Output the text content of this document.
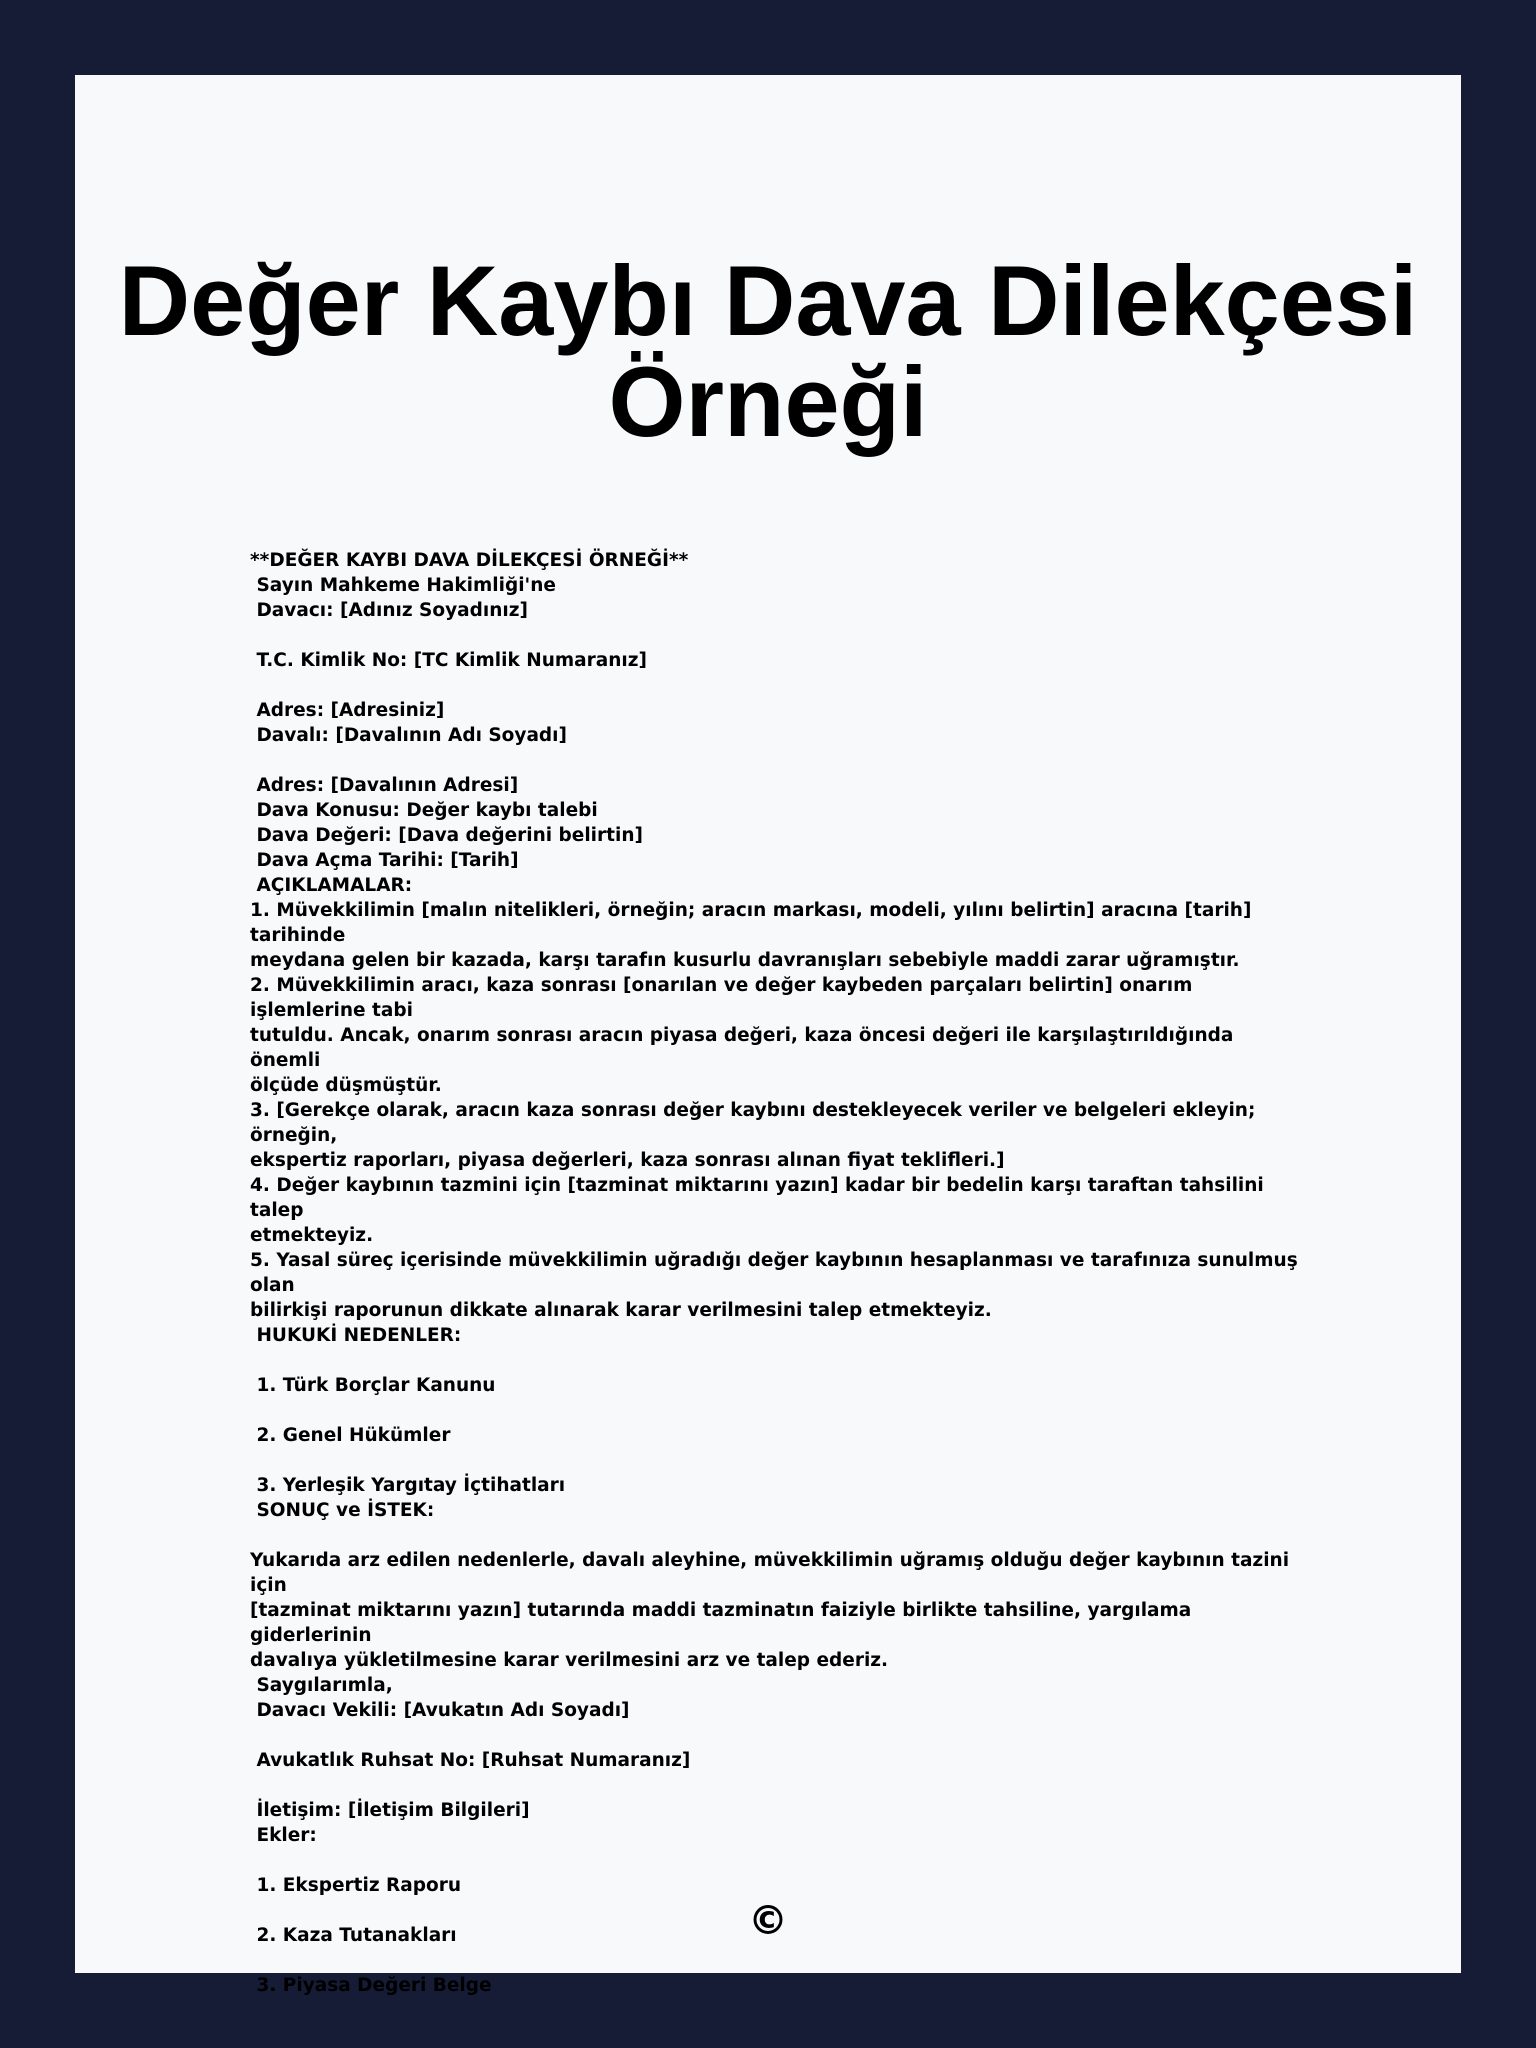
Değer Kaybı Dava Dilekçesi
Örneği
**DEĞER KAYBI DAVA DİLEKÇESİ ÖRNEĞİ**
Sayın Mahkeme Hakimliği'ne
Davacı: [Adınız Soyadınız]
T.C. Kimlik No: [TC Kimlik Numaranız]
Adres: [Adresiniz]
Davalı: [Davalının Adı Soyadı]
Adres: [Davalının Adresi]
Dava Konusu: Değer kaybı talebi
Dava Değeri: [Dava değerini belirtin]
Dava Açma Tarihi: [Tarih]
AÇIKLAMALAR:
1. Müvekkilimin [malın nitelikleri, örneğin; aracın markası, modeli, yılını belirtin] aracına [tarih] tarihinde
meydana gelen bir kazada, karşı tarafın kusurlu davranışları sebebiyle maddi zarar uğramıştır.
2. Müvekkilimin aracı, kaza sonrası [onarılan ve değer kaybeden parçaları belirtin] onarım işlemlerine tabi
tutuldu. Ancak, onarım sonrası aracın piyasa değeri, kaza öncesi değeri ile karşılaştırıldığında önemli
ölçüde düşmüştür.
3. [Gerekçe olarak, aracın kaza sonrası değer kaybını destekleyecek veriler ve belgeleri ekleyin; örneğin,
ekspertiz raporları, piyasa değerleri, kaza sonrası alınan fiyat teklifleri.]
4. Değer kaybının tazmini için [tazminat miktarını yazın] kadar bir bedelin karşı taraftan tahsilini talep
etmekteyiz.
5. Yasal süreç içerisinde müvekkilimin uğradığı değer kaybının hesaplanması ve tarafınıza sunulmuş olan
bilirkişi raporunun dikkate alınarak karar verilmesini talep etmekteyiz.
HUKUKİ NEDENLER:
1. Türk Borçlar Kanunu
2. Genel Hükümler
3. Yerleşik Yargıtay İçtihatları
SONUÇ ve İSTEK:
Yukarıda arz edilen nedenlerle, davalı aleyhine, müvekkilimin uğramış olduğu değer kaybının tazini için
[tazminat miktarını yazın] tutarında maddi tazminatın faiziyle birlikte tahsiline, yargılama giderlerinin
davalıya yükletilmesine karar verilmesini arz ve talep ederiz.
Saygılarımla,
Davacı Vekili: [Avukatın Adı Soyadı]
Avukatlık Ruhsat No: [Ruhsat Numaranız]
İletişim: [İletişim Bilgileri]
Ekler:
1. Ekspertiz Raporu
2. Kaza Tutanakları
3. Piyasa Değeri Belge
©
